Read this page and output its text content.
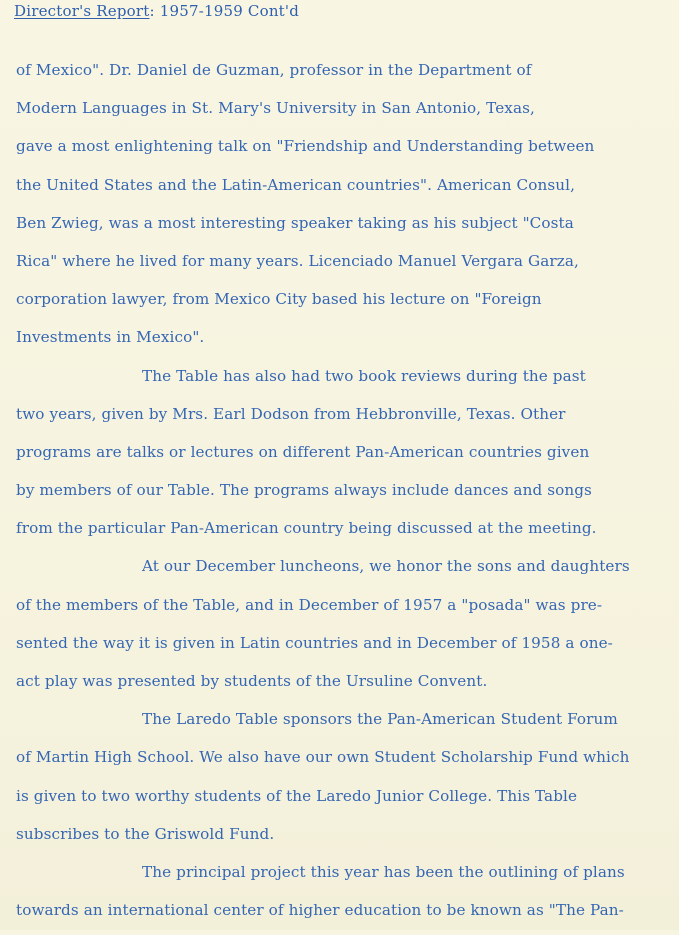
Director's Report: 1957-1959 Cont'd
of Mexico". Dr. Daniel de Guzman, professor in the Department of
Modern Languages in St. Mary's University in San Antonio, Texas,
gave a most enlightening talk on "Friendship and Understanding between
the United States and the Latin-American countries". American Consul,
Ben Zwieg, was a most interesting speaker taking as his subject "Costa
Rica" where he lived for many years. Licenciado Manuel Vergara Garza,
corporation lawyer, from Mexico City based his lecture on "Foreign
Investments in Mexico".
The Table has also had two book reviews during the past
two years, given by Mrs. Earl Dodson from Hebbronville, Texas. Other
programs are talks or lectures on different Pan-American countries given
by members of our Table. The programs always include dances and songs
from the particular Pan-American country being discussed at the meeting.
At our December luncheons, we honor the sons and daughters
of the members of the Table, and in December of 1957 a "posada" was pre-
sented the way it is given in Latin countries and in December of 1958 a one-
act play was presented by students of the Ursuline Convent.
The Laredo Table sponsors the Pan-American Student Forum
of Martin High School. We also have our own Student Scholarship Fund which
is given to two worthy students of the Laredo Junior College. This Table
subscribes to the Griswold Fund.
The principal project this year has been the outlining of plans
towards an international center of higher education to be known as "The Pan-
